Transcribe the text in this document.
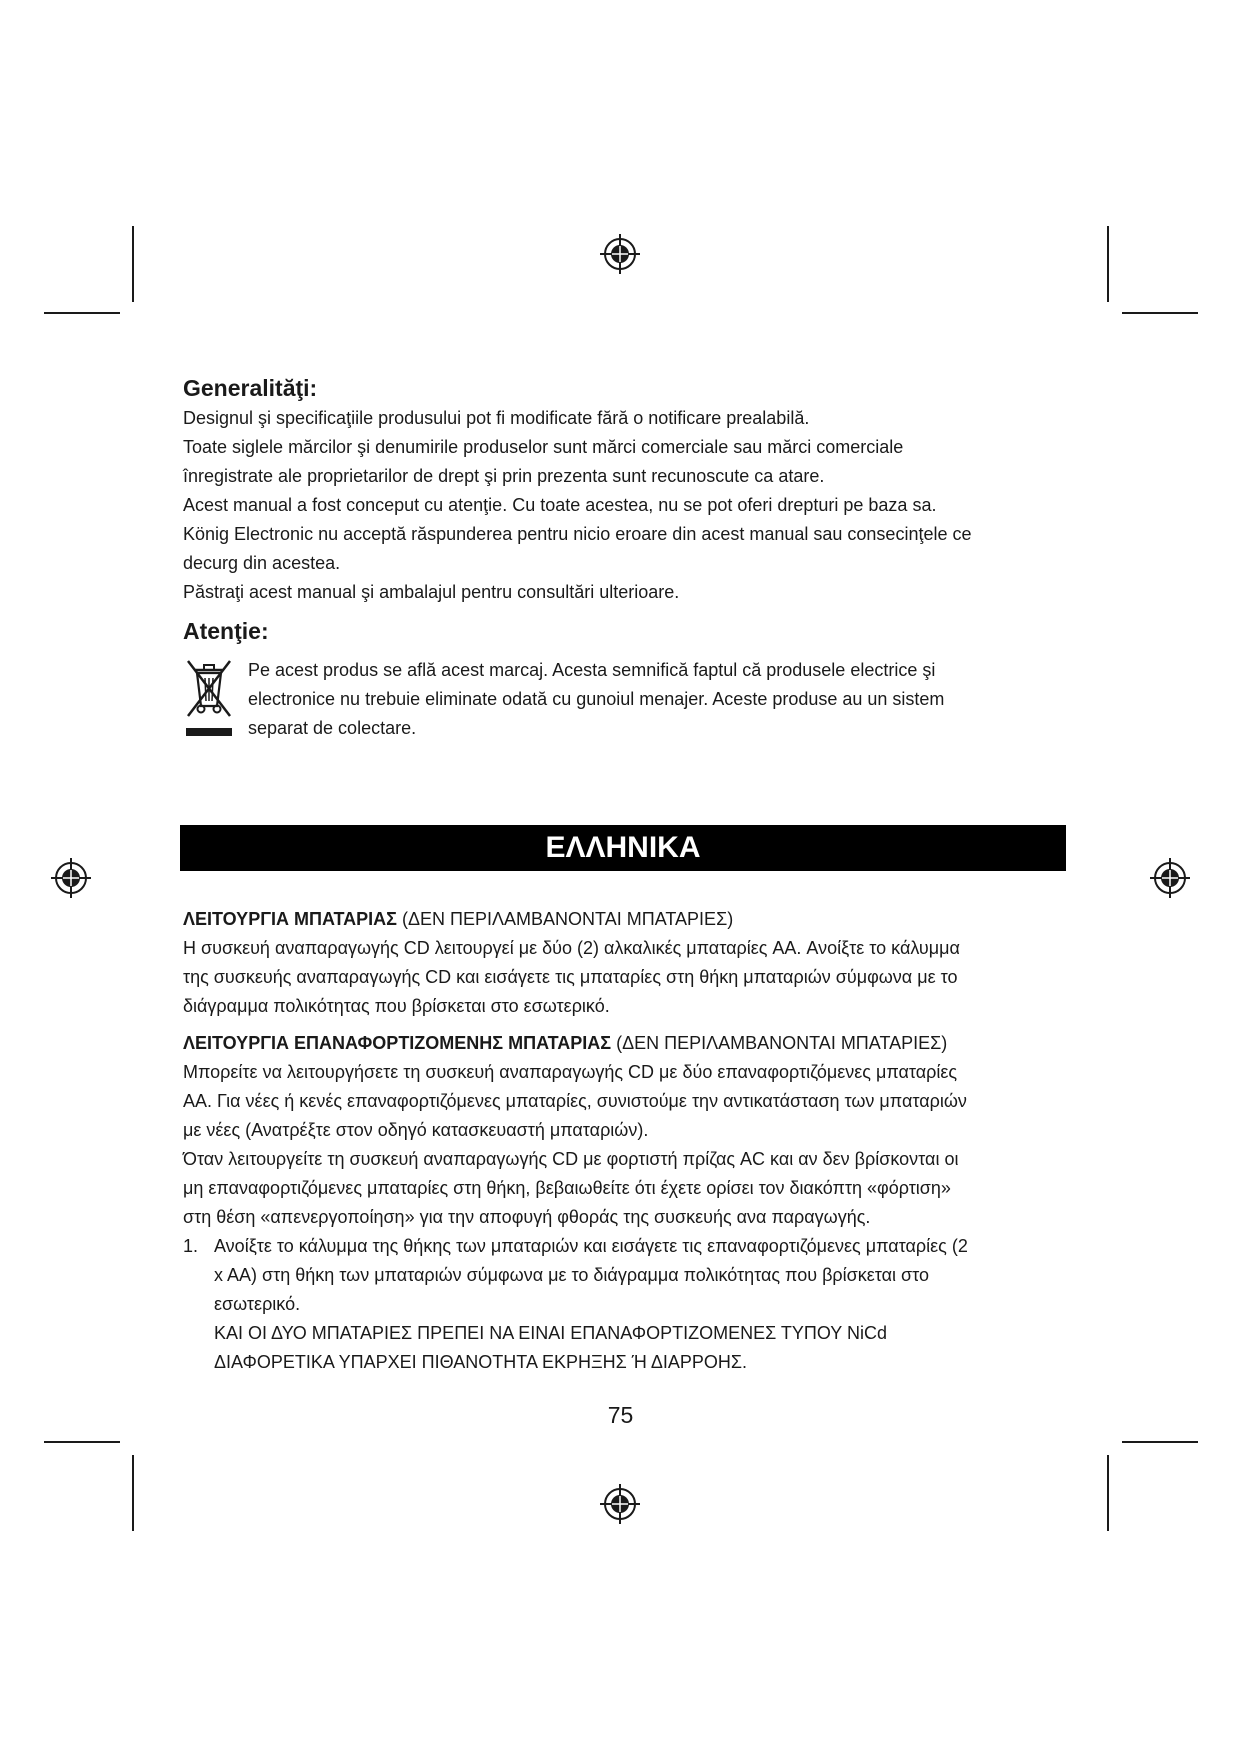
Generalităţi:

Designul şi specificaţiile produsului pot fi modificate fără o notificare prealabilă.

Toate siglele mărcilor şi denumirile produselor sunt mărci comerciale sau mărci comerciale

înregistrate ale proprietarilor de drept şi prin prezenta sunt recunoscute ca atare.

Acest manual a fost conceput cu atenţie. Cu toate acestea, nu se pot oferi drepturi pe baza sa.

König Electronic nu acceptă răspunderea pentru nicio eroare din acest manual sau consecinţele ce

decurg din acestea.

Păstraţi acest manual şi ambalajul pentru consultări ulterioare.

Atenţie:

Pe acest produs se află acest marcaj. Acesta semnifică faptul că produsele electrice şi

electronice nu trebuie eliminate odată cu gunoiul menajer. Aceste produse au un sistem

separat de colectare.

ΕΛΛΗΝΙΚΑ

ΛΕΙΤΟΥΡΓΙΑ ΜΠΑΤΑΡΙΑΣ (ΔΕΝ ΠΕΡΙΛΑΜΒΑΝΟΝΤΑΙ ΜΠΑΤΑΡΙΕΣ)

Η συσκευή αναπαραγωγής CD λειτουργεί με δύο (2) αλκαλικές μπαταρίες AA. Ανοίξτε το κάλυμμα

της συσκευής αναπαραγωγής CD και εισάγετε τις μπαταρίες στη θήκη μπαταριών σύμφωνα με το

διάγραμμα πολικότητας που βρίσκεται στο εσωτερικό.

ΛΕΙΤΟΥΡΓΙΑ ΕΠΑΝΑΦΟΡΤΙΖΟΜΕΝΗΣ ΜΠΑΤΑΡΙΑΣ (ΔΕΝ ΠΕΡΙΛΑΜΒΑΝΟΝΤΑΙ ΜΠΑΤΑΡΙΕΣ)

Μπορείτε να λειτουργήσετε τη συσκευή αναπαραγωγής CD με δύο επαναφορτιζόμενες μπαταρίες

AA. Για νέες ή κενές επαναφορτιζόμενες μπαταρίες, συνιστούμε την αντικατάσταση των μπαταριών

με νέες (Ανατρέξτε στον οδηγό κατασκευαστή μπαταριών).

Όταν λειτουργείτε τη συσκευή αναπαραγωγής CD με φορτιστή πρίζας AC και αν δεν βρίσκονται οι

μη επαναφορτιζόμενες μπαταρίες στη θήκη, βεβαιωθείτε ότι έχετε ορίσει τον διακόπτη «φόρτιση»

στη θέση «απενεργοποίηση» για την αποφυγή φθοράς της συσκευής ανα παραγωγής.

1. Ανοίξτε το κάλυμμα της θήκης των μπαταριών και εισάγετε τις επαναφορτιζόμενες μπαταρίες (2

x AA) στη θήκη των μπαταριών σύμφωνα με το διάγραμμα πολικότητας που βρίσκεται στο

εσωτερικό.

ΚΑΙ ΟΙ ΔΥΟ ΜΠΑΤΑΡΙΕΣ ΠΡΕΠΕΙ ΝΑ ΕΙΝΑΙ ΕΠΑΝΑΦΟΡΤΙΖΟΜΕΝΕΣ ΤΥΠΟΥ NiCd

ΔΙΑΦΟΡΕΤΙΚΑ ΥΠΑΡΧΕΙ ΠΙΘΑΝΟΤΗΤΑ ΕΚΡΗΞΗΣ Ή ΔΙΑΡΡΟΗΣ.

75
